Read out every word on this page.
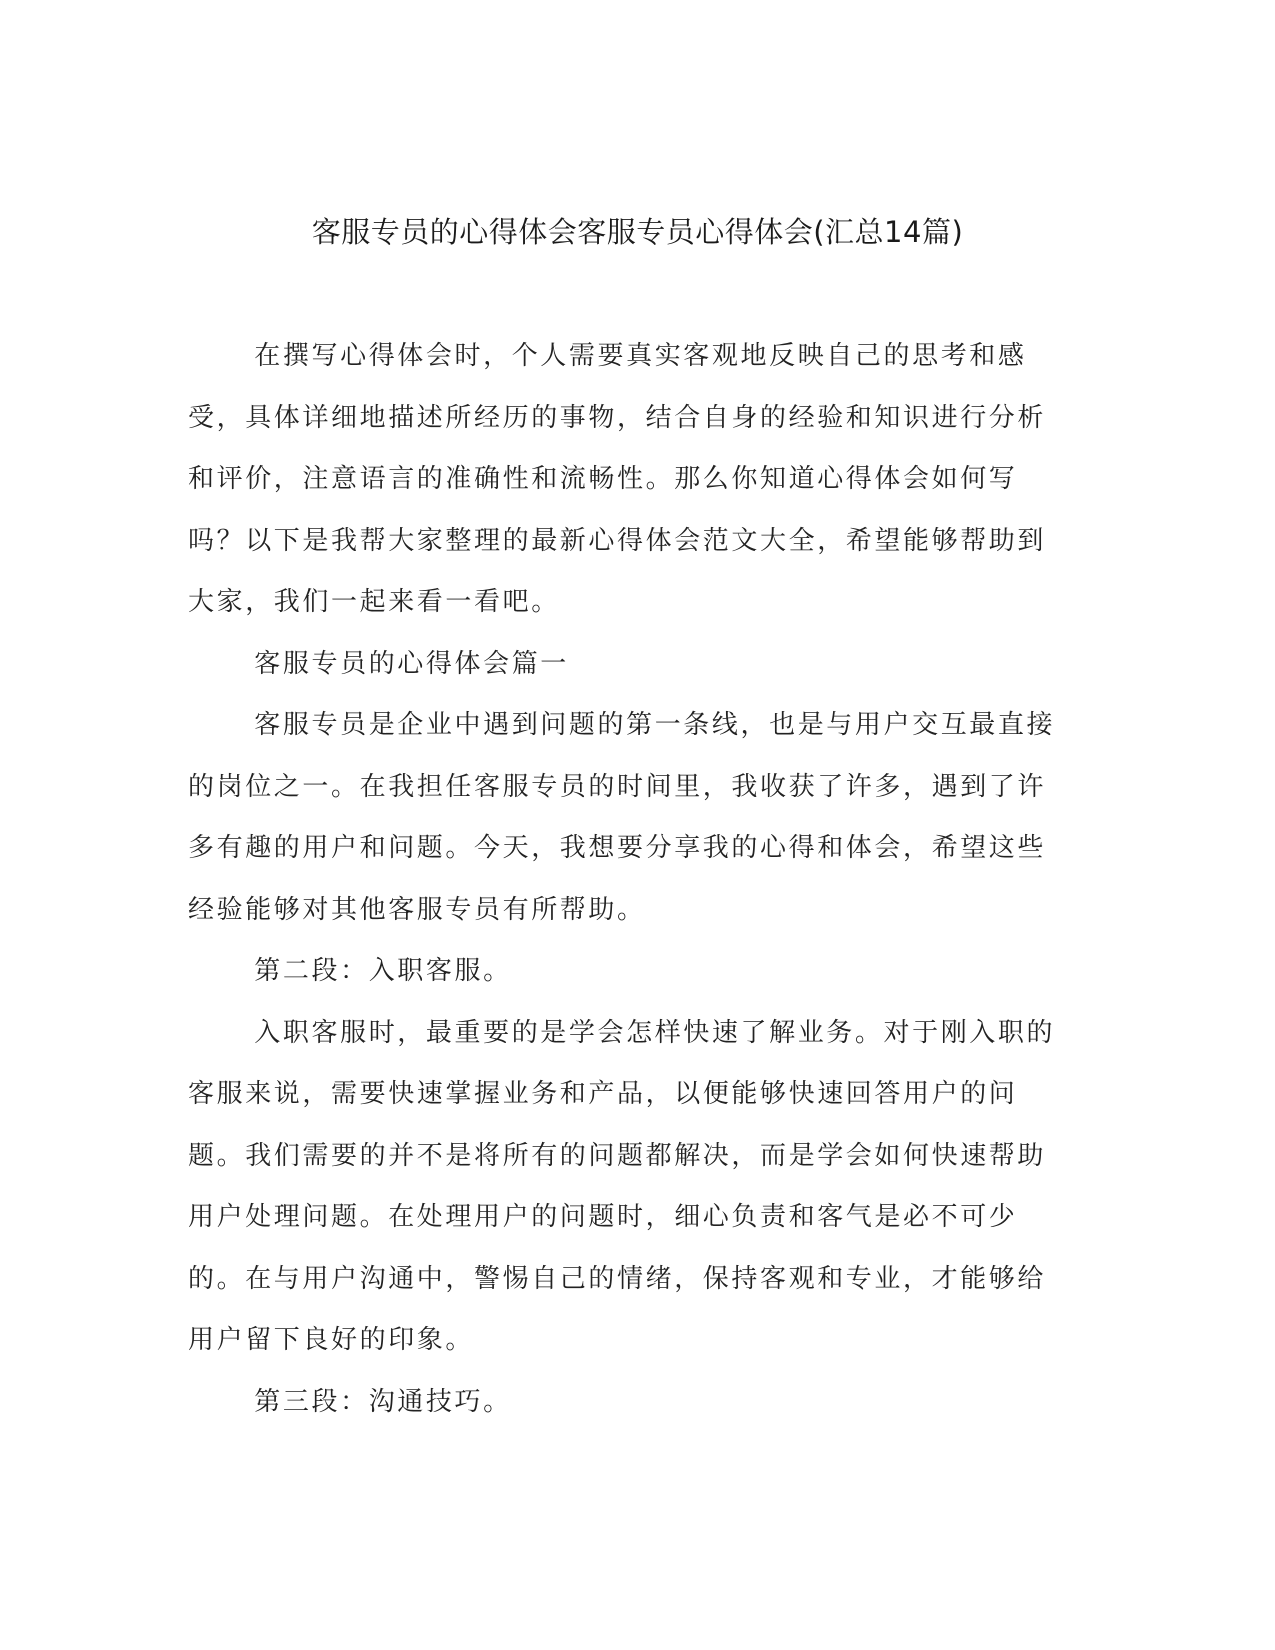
客服专员的心得体会客服专员心得体会(汇总14篇)

在撰写心得体会时，个人需要真实客观地反映自己的思考和感受，具体详细地描述所经历的事物，结合自身的经验和知识进行分析和评价，注意语言的准确性和流畅性。那么你知道心得体会如何写吗？以下是我帮大家整理的最新心得体会范文大全，希望能够帮助到大家，我们一起来看一看吧。

客服专员的心得体会篇一

客服专员是企业中遇到问题的第一条线，也是与用户交互最直接的岗位之一。在我担任客服专员的时间里，我收获了许多，遇到了许多有趣的用户和问题。今天，我想要分享我的心得和体会，希望这些经验能够对其他客服专员有所帮助。

第二段：入职客服。

入职客服时，最重要的是学会怎样快速了解业务。对于刚入职的客服来说，需要快速掌握业务和产品，以便能够快速回答用户的问题。我们需要的并不是将所有的问题都解决，而是学会如何快速帮助用户处理问题。在处理用户的问题时，细心负责和客气是必不可少的。在与用户沟通中，警惕自己的情绪，保持客观和专业，才能够给用户留下良好的印象。

第三段：沟通技巧。
